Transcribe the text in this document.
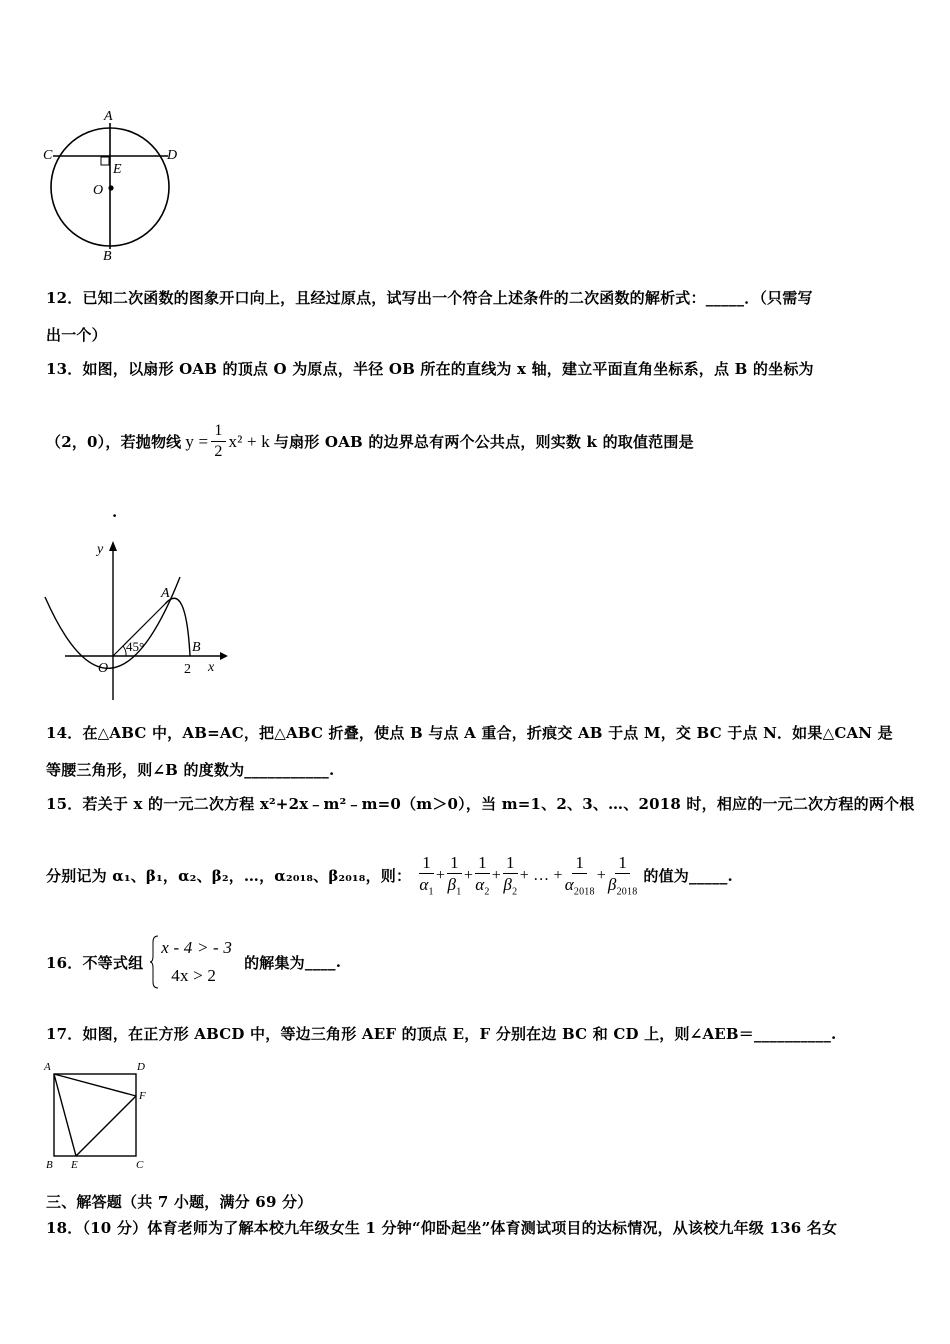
A
B
C	D
E
O
12．已知二次函数的图象开口向上，且经过原点，试写出一个符合上述条件的二次函数的解析式：_____．（只需写
出一个）
13．如图，以扇形 OAB 的顶点 O 为原点，半径 OB 所在的直线为 x 轴，建立平面直角坐标系，点 B 的坐标为
（2，0），若抛物线 $y = \frac{1}{2} x^2 + k$ 与扇形 OAB 的边界总有两个公共点，则实数 k 的取值范围是
.
y
x
O
A
B
2
45°
14．在△ABC 中，AB=AC，把△ABC 折叠，使点 B 与点 A 重合，折痕交 AB 于点 M，交 BC 于点 N．如果△CAN 是
等腰三角形，则∠B 的度数为___________.
15．若关于 x 的一元二次方程 x²+2x﹣m²﹣m=0（m＞0），当 m=1、2、3、…、2018 时，相应的一元二次方程的两个根
分别记为 α₁、β₁，α₂、β₂，…，α₂₀₁₈、β₂₀₁₈，则： $\frac{1}{\alpha_1} + \frac{1}{\beta_1} + \frac{1}{\alpha_2} + \frac{1}{\beta_2}$ + … + $\frac{1}{\alpha_{2018}} + \frac{1}{\beta_{2018}}$ 的值为 _____ .
16．不等式组
x - 4 > - 3
4x > 2
的解集为 ____ .
17．如图，在正方形 ABCD 中，等边三角形 AEF 的顶点 E，F 分别在边 BC 和 CD 上，则∠AEB＝__________.
A	D
F
B E	C
三、解答题（共 7 小题，满分 69 分）
18．（10 分）体育老师为了解本校九年级女生 1 分钟“仰卧起坐”体育测试项目的达标情况，从该校九年级 136 名女
